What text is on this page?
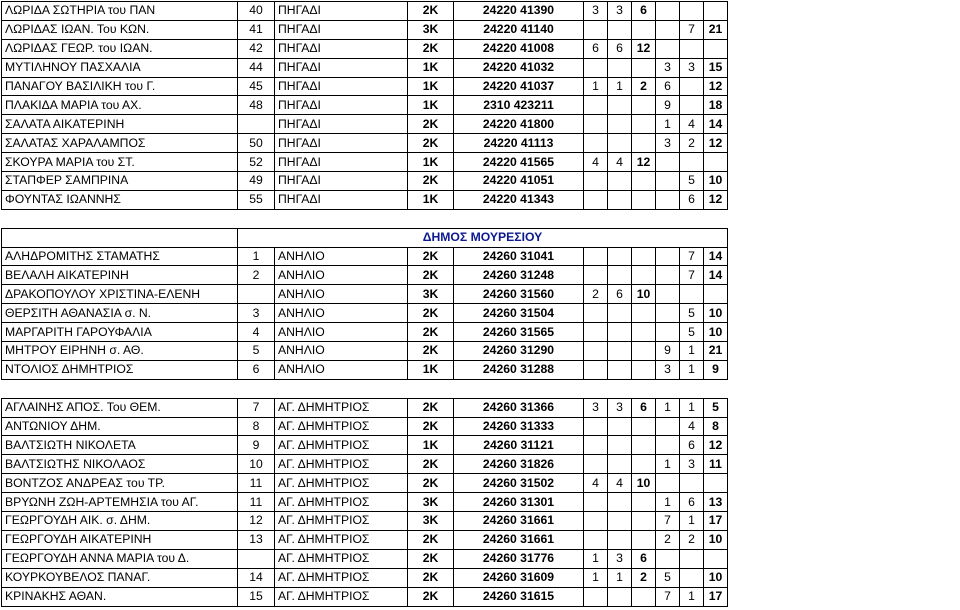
ΛΩΡΙΔΑ ΣΩΤΗΡΙΑ του ΠΑΝ	40	ΠΗΓΑΔΙ	2Κ	24220 41390	3	3	6			
ΛΩΡΙΔΑΣ ΙΩΑΝ. Του ΚΩΝ.	41	ΠΗΓΑΔΙ	3Κ	24220 41140					7	21
ΛΩΡΙΔΑΣ ΓΕΩΡ. του ΙΩΑΝ.	42	ΠΗΓΑΔΙ	2Κ	24220 41008	6	6	12			
ΜΥΤΙΛΗΝΟΥ ΠΑΣΧΑΛΙΑ	44	ΠΗΓΑΔΙ	1Κ	24220 41032				3	3	15
ΠΑΝΑΓΟΥ ΒΑΣΙΛΙΚΗ του Γ.	45	ΠΗΓΑΔΙ	1Κ	24220 41037	1	1	2	6		12
ΠΛΑΚΙΔΑ ΜΑΡΙΑ του ΑΧ.	48	ΠΗΓΑΔΙ	1Κ	2310 423211				9		18
ΣΑΛΑΤΑ ΑΙΚΑΤΕΡΙΝΗ		ΠΗΓΑΔΙ	2Κ	24220 41800				1	4	14
ΣΑΛΑΤΑΣ ΧΑΡΑΛΑΜΠΟΣ	50	ΠΗΓΑΔΙ	2Κ	24220 41113				3	2	12
ΣΚΟΥΡΑ ΜΑΡΙΑ του ΣΤ.	52	ΠΗΓΑΔΙ	1Κ	24220 41565	4	4	12			
ΣΤΑΠΦΕΡ ΣΑΜΠΡΙΝΑ	49	ΠΗΓΑΔΙ	2Κ	24220 41051					5	10
ΦΟΥΝΤΑΣ ΙΩΑΝΝΗΣ	55	ΠΗΓΑΔΙ	1Κ	24220 41343					6	12

	ΔΗΜΟΣ ΜΟΥΡΕΣΙΟΥ									
ΑΛΗΔΡΟΜΙΤΗΣ ΣΤΑΜΑΤΗΣ	1	ΑΝΗΛΙΟ	2Κ	24260 31041					7	14
ΒΕΛΑΛΗ ΑΙΚΑΤΕΡΙΝΗ	2	ΑΝΗΛΙΟ	2Κ	24260 31248					7	14
ΔΡΑΚΟΠΟΥΛΟΥ ΧΡΙΣΤΙΝΑ-ΕΛΕΝΗ		ΑΝΗΛΙΟ	3Κ	24260 31560	2	6	10			
ΘΕΡΣΙΤΗ ΑΘΑΝΑΣΙΑ σ. Ν.	3	ΑΝΗΛΙΟ	2Κ	24260 31504					5	10
ΜΑΡΓΑΡΙΤΗ ΓΑΡΟΥΦΑΛΙΑ	4	ΑΝΗΛΙΟ	2Κ	24260 31565					5	10
ΜΗΤΡΟΥ ΕΙΡΗΝΗ σ. ΑΘ.	5	ΑΝΗΛΙΟ	2Κ	24260 31290				9	1	21
ΝΤΟΛΙΟΣ ΔΗΜΗΤΡΙΟΣ	6	ΑΝΗΛΙΟ	1Κ	24260 31288				3	1	9

ΑΓΛΑΙΝΗΣ ΑΠΟΣ. Του ΘΕΜ.	7	ΑΓ. ΔΗΜΗΤΡΙΟΣ	2Κ	24260 31366	3	3	6	1	1	5
ΑΝΤΩΝΙΟΥ ΔΗΜ.	8	ΑΓ. ΔΗΜΗΤΡΙΟΣ	2Κ	24260 31333					4	8
ΒΑΛΤΣΙΩΤΗ ΝΙΚΟΛΕΤΑ	9	ΑΓ. ΔΗΜΗΤΡΙΟΣ	1Κ	24260 31121					6	12
ΒΑΛΤΣΙΩΤΗΣ ΝΙΚΟΛΑΟΣ	10	ΑΓ. ΔΗΜΗΤΡΙΟΣ	2Κ	24260 31826				1	3	11
ΒΟΝΤΖΟΣ ΑΝΔΡΕΑΣ του ΤΡ.	11	ΑΓ. ΔΗΜΗΤΡΙΟΣ	2Κ	24260 31502	4	4	10			
ΒΡΥΩΝΗ ΖΩΗ-ΑΡΤΕΜΗΣΙΑ του ΑΓ.	11	ΑΓ. ΔΗΜΗΤΡΙΟΣ	3Κ	24260 31301				1	6	13
ΓΕΩΡΓΟΥΔΗ ΑΙΚ. σ. ΔΗΜ.	12	ΑΓ. ΔΗΜΗΤΡΙΟΣ	3Κ	24260 31661				7	1	17
ΓΕΩΡΓΟΥΔΗ ΑΙΚΑΤΕΡΙΝΗ	13	ΑΓ. ΔΗΜΗΤΡΙΟΣ	2Κ	24260 31661				2	2	10
ΓΕΩΡΓΟΥΔΗ ΑΝΝΑ ΜΑΡΙΑ του Δ.		ΑΓ. ΔΗΜΗΤΡΙΟΣ	2Κ	24260 31776	1	3	6			
ΚΟΥΡΚΟΥΒΕΛΟΣ ΠΑΝΑΓ.	14	ΑΓ. ΔΗΜΗΤΡΙΟΣ	2Κ	24260 31609	1	1	2	5		10
ΚΡΙΝΑΚΗΣ ΑΘΑΝ.	15	ΑΓ. ΔΗΜΗΤΡΙΟΣ	2Κ	24260 31615				7	1	17
